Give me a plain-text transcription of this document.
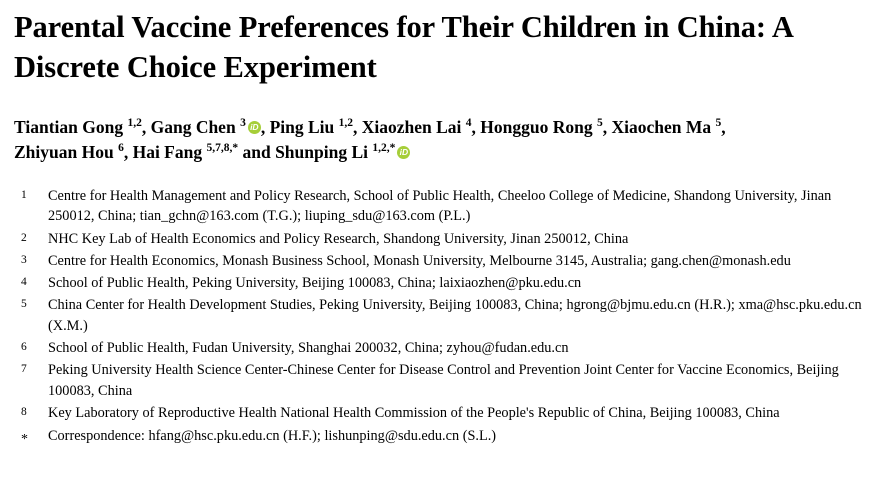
Parental Vaccine Preferences for Their Children in China: A Discrete Choice Experiment
Tiantian Gong $^{1,2}$, Gang Chen $^3$ iD , Ping Liu $^{1,2}$, Xiaozhen Lai $^4$, Hongguo Rong $^5$, Xiaochen Ma $^5$,
Zhiyuan Hou $^6$, Hai Fang $^{5,7,8,*}$ and Shunping Li $^{1,2,*}$iD
1	Centre for Health Management and Policy Research, School of Public Health, Cheeloo College of Medicine, Shandong University, Jinan 250012, China; tian_gchn@163.com (T.G.); liuping_sdu@163.com (P.L.)
2	NHC Key Lab of Health Economics and Policy Research, Shandong University, Jinan 250012, China
3	Centre for Health Economics, Monash Business School, Monash University, Melbourne 3145, Australia; gang.chen@monash.edu
4	School of Public Health, Peking University, Beijing 100083, China; laixiaozhen@pku.edu.cn
5	China Center for Health Development Studies, Peking University, Beijing 100083, China; hgrong@bjmu.edu.cn (H.R.); xma@hsc.pku.edu.cn (X.M.)
6	School of Public Health, Fudan University, Shanghai 200032, China; zyhou@fudan.edu.cn
7	Peking University Health Science Center-Chinese Center for Disease Control and Prevention Joint Center for Vaccine Economics, Beijing 100083, China
8	Key Laboratory of Reproductive Health National Health Commission of the People's Republic of China, Beijing 100083, China
*	Correspondence: hfang@hsc.pku.edu.cn (H.F.); lishunping@sdu.edu.cn (S.L.)
